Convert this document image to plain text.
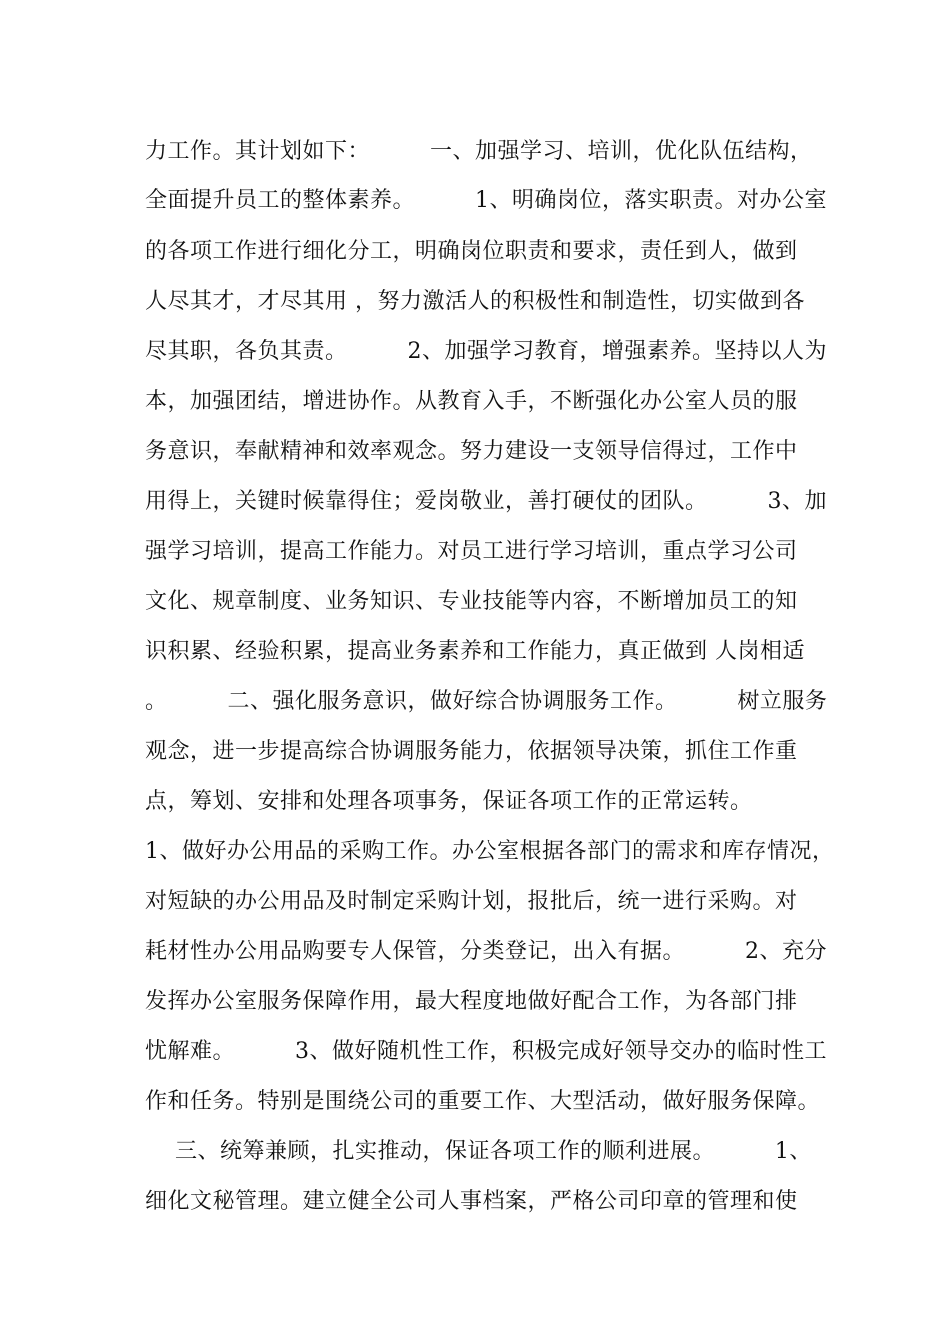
力工作。其计划如下：        一、加强学习、培训，优化队伍结构，
全面提升员工的整体素养。        1、明确岗位，落实职责。对办公室
的各项工作进行细化分工，明确岗位职责和要求，责任到人，做到
人尽其才，才尽其用 ，努力激活人的积极性和制造性，切实做到各
尽其职，各负其责。        2、加强学习教育，增强素养。坚持以人为
本，加强团结，增进协作。从教育入手，不断强化办公室人员的服
务意识，奉献精神和效率观念。努力建设一支领导信得过，工作中
用得上，关键时候靠得住；爱岗敬业，善打硬仗的团队。        3、加
强学习培训，提高工作能力。对员工进行学习培训，重点学习公司
文化、规章制度、业务知识、专业技能等内容，不断增加员工的知
识积累、经验积累，提高业务素养和工作能力，真正做到 人岗相适
。        二、强化服务意识，做好综合协调服务工作。        树立服务
观念，进一步提高综合协调服务能力，依据领导决策，抓住工作重
点，筹划、安排和处理各项事务，保证各项工作的正常运转。
1、做好办公用品的采购工作。办公室根据各部门的需求和库存情况，
对短缺的办公用品及时制定采购计划，报批后，统一进行采购。对
耗材性办公用品购要专人保管，分类登记，出入有据。        2、充分
发挥办公室服务保障作用，最大程度地做好配合工作，为各部门排
忧解难。        3、做好随机性工作，积极完成好领导交办的临时性工
作和任务。特别是围绕公司的重要工作、大型活动，做好服务保障。
三、统筹兼顾，扎实推动，保证各项工作的顺利进展。        1、
细化文秘管理。建立健全公司人事档案，严格公司印章的管理和使
